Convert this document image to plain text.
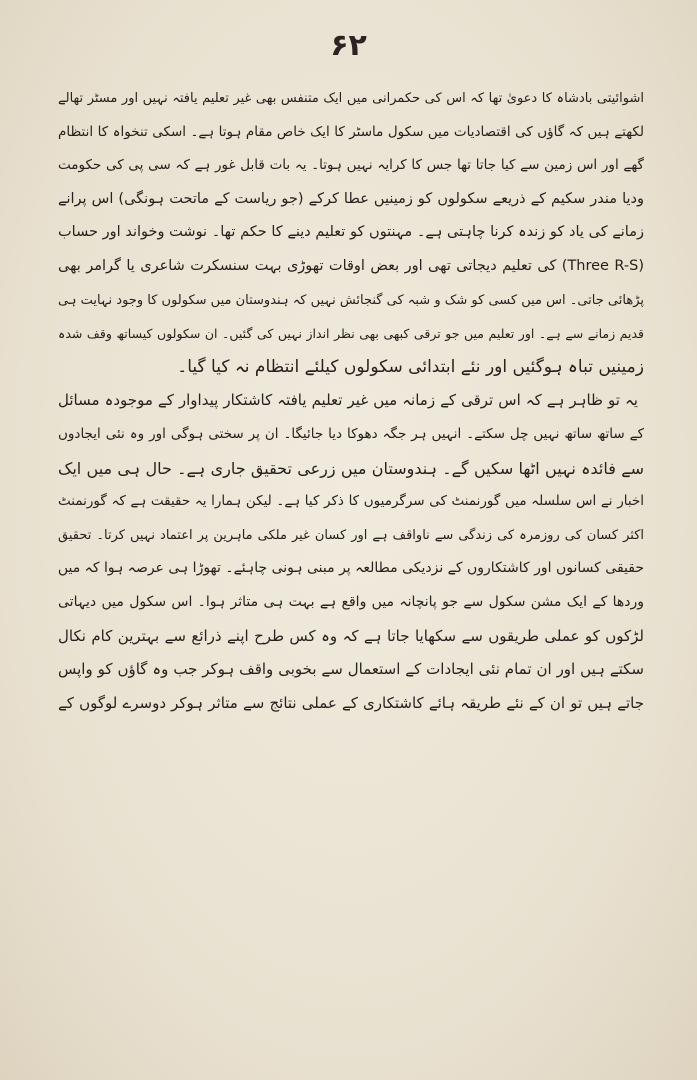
۶۲
اشوائیتی بادشاہ کا دعویٰ تھا کہ اس کی حکمرانی میں ایک متنفس بھی غیر تعلیم یافتہ نہیں اور مسٹر تھالے
لکھتے ہیں کہ گاؤں کی اقتصادیات میں سکول ماسٹر کا ایک خاص مقام ہوتا ہے۔ اسکی تنخواہ کا انتظام
گھے اور اس زمین سے کیا جاتا تھا جس کا کرایہ نہیں ہوتا۔ یہ بات قابل غور ہے کہ سی پی کی حکومت
ودیا مندر سکیم کے ذریعے سکولوں کو زمینیں عطا کرکے (جو ریاست کے ماتحت ہونگی) اس پرانے
زمانے کی یاد کو زندہ کرنا چاہتی ہے۔ مہنتوں کو تعلیم دینے کا حکم تھا۔ نوشت وخواند اور حساب
(Three R-S) کی تعلیم دیجاتی تھی اور بعض اوقات تھوڑی بہت سنسکرت شاعری یا گرامر بھی
پڑھائی جاتی۔ اس میں کسی کو شک و شبہ کی گنجائش نہیں کہ ہندوستان میں سکولوں کا وجود نہایت ہی
قدیم زمانے سے ہے۔ اور تعلیم میں جو ترقی کبھی بھی نظر انداز نہیں کی گئیں۔ ان سکولوں کیساتھ وقف شدہ
زمینیں تباہ ہوگئیں اور نئے ابتدائی سکولوں کیلئے انتظام نہ کیا گیا۔
یہ تو ظاہر ہے کہ اس ترقی کے زمانہ میں غیر تعلیم یافتہ کاشتکار پیداوار کے موجودہ مسائل
کے ساتھ ساتھ نہیں چل سکتے۔ انہیں ہر جگہ دھوکا دیا جائیگا۔ ان پر سختی ہوگی اور وہ نئی ایجادوں
سے فائدہ نہیں اٹھا سکیں گے۔ ہندوستان میں زرعی تحقیق جاری ہے۔ حال ہی میں ایک
اخبار نے اس سلسلہ میں گورنمنٹ کی سرگرمیوں کا ذکر کیا ہے۔ لیکن ہمارا یہ حقیقت ہے کہ گورنمنٹ
اکثر کسان کی روزمرہ کی زندگی سے ناواقف ہے اور کسان غیر ملکی ماہرین پر اعتماد نہیں کرتا۔ تحقیق
حقیقی کسانوں اور کاشتکاروں کے نزدیکی مطالعہ پر مبنی ہونی چاہئے۔ تھوڑا ہی عرصہ ہوا کہ میں
وردھا کے ایک مشن سکول سے جو پانچانہ میں واقع ہے بہت ہی متاثر ہوا۔ اس سکول میں دیہاتی
لڑکوں کو عملی طریقوں سے سکھایا جاتا ہے کہ وہ کس طرح اپنے ذرائع سے بہترین کام نکال
سکتے ہیں اور ان تمام نئی ایجادات کے استعمال سے بخوبی واقف ہوکر جب وہ گاؤں کو واپس
جاتے ہیں تو ان کے نئے طریقہ ہائے کاشتکاری کے عملی نتائج سے متاثر ہوکر دوسرے لوگوں کے
